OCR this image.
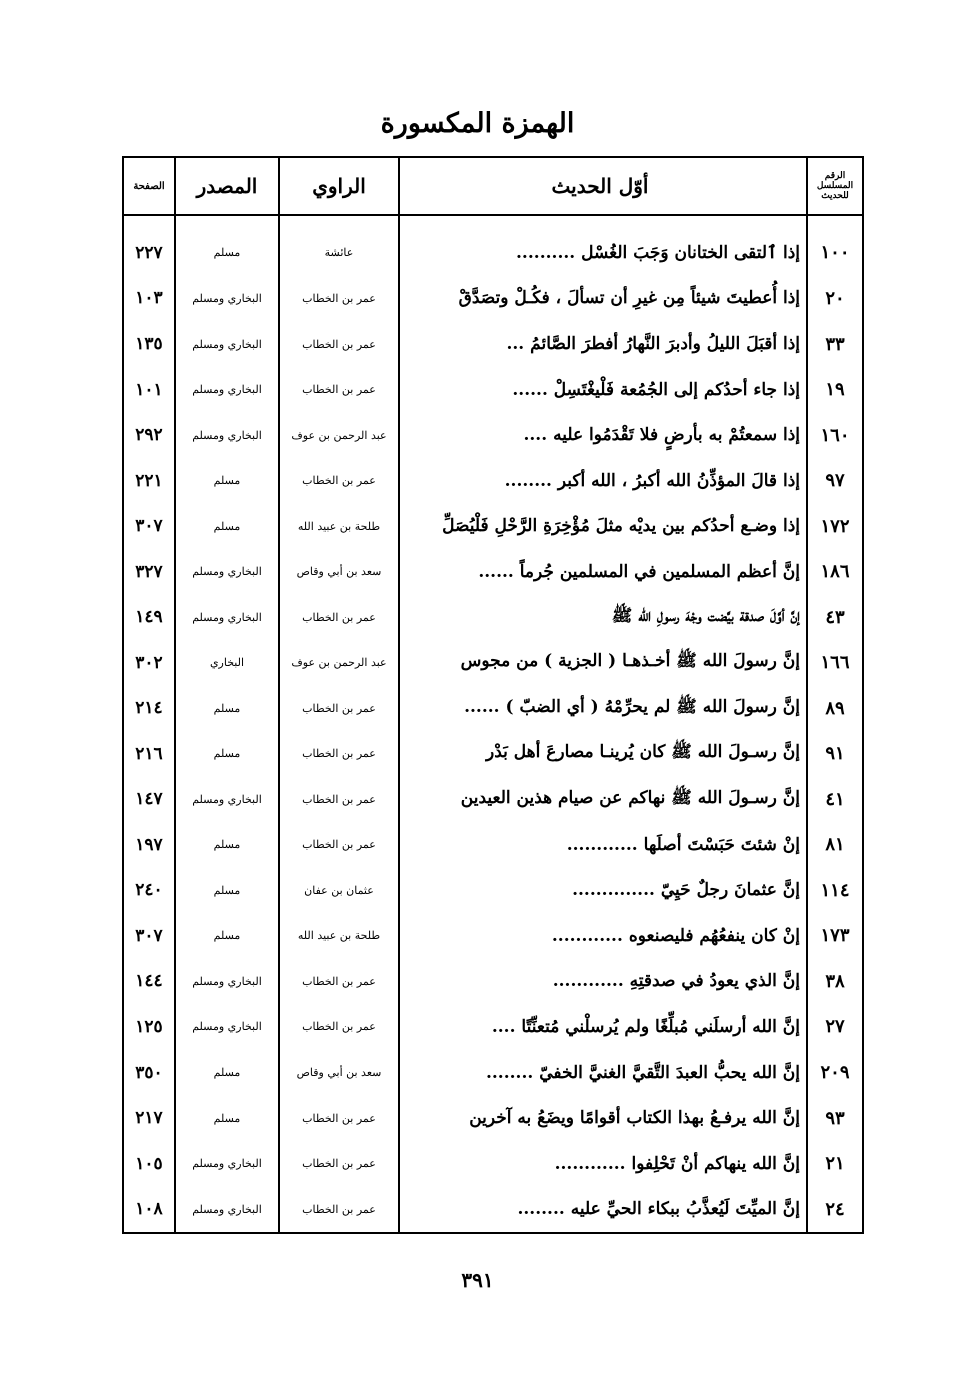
الهمزة المكسورة
الرقم المسلسل للحديث	أوّل الحديث	الراوي	المصدر	الصفحة
١٠٠	إذا ٱلتقى الختانان وَجَبَ الغُسْل ..........	عائشة	مسلم	٢٢٧
٢٠	إذا أُعطيتَ شيئاً مِن غيرِ أن تسألَ ، فكُـلْ وتصَدَّقْ	عمر بن الخطاب	البخاري ومسلم	١٠٣
٣٣	إذا أقبَلَ الليلُ وأدبرَ النَّهارُ أفطرَ الصَّائمُ ...	عمر بن الخطاب	البخاري ومسلم	١٣٥
١٩	إذا جاء أحدُكم إلى الجُمُعة فَلْيغْتَسِلْ ......	عمر بن الخطاب	البخاري ومسلم	١٠١
١٦٠	إذا سمعتُمْ به بأرضٍ فلا تَقْدَمُوا عليه ....	عبد الرحمن بن عوف	البخاري ومسلم	٢٩٢
٩٧	إذا قالَ المؤذِّنُ الله أكبرُ ، الله أكبر ........	عمر بن الخطاب	مسلم	٢٢١
١٧٢	إذا وضـع أحدُكم بين يديْه مثلَ مُؤْخِرَةِ الرَّحْلِ فَلْيُصَلِّ	طلحة بن عبيد الله	مسلم	٣٠٧
١٨٦	إنَّ أعظم المسلمين في المسلمين جُرماً ......	سعد بن أبي وقاص	البخاري ومسلم	٣٢٧
٤٣	إنَّ أوَّلَ صدقة بيَّضت وجْهَ رسولِ الله ﷺ	عمر بن الخطاب	البخاري ومسلم	١٤٩
١٦٦	إنَّ رسولَ الله ﷺ أخـذهـا ( الجزية ) من مجوس	عبد الرحمن بن عوف	البخاري	٣٠٢
٨٩	إنَّ رسولَ الله ﷺ لم يحرِّمْهُ ( أي الضبّ ) ......	عمر بن الخطاب	مسلم	٢١٤
٩١	إنَّ رسـولَ الله ﷺ كان يُرينـا مصارعَ أهل بَدْر	عمر بن الخطاب	مسلم	٢١٦
٤١	إنَّ رسـولَ الله ﷺ نهاكم عن صيام هذين العيدين	عمر بن الخطاب	البخاري ومسلم	١٤٧
٨١	إنْ شئتَ حَبَسْتَ أصلَها ............	عمر بن الخطاب	مسلم	١٩٧
١١٤	إنَّ عثمانَ رجلٌ حَيِيّ ..............	عثمان بن عفان	مسلم	٢٤٠
١٧٣	إنْ كان ينفعُهُم فليصنعوه ............	طلحة بن عبيد الله	مسلم	٣٠٧
٣٨	إنَّ الذي يعودُ في صدقتِهِ ............	عمر بن الخطاب	البخاري ومسلم	١٤٤
٢٧	إنَّ الله أرسلَني مُبلِّغًا ولم يُرسلْني مُتعنِّتًا ....	عمر بن الخطاب	البخاري ومسلم	١٢٥
٢٠٩	إنَّ الله يحبُّ العبدَ التَّقيَّ الغنيَّ الخفيّ ........	سعد بن أبي وقاص	مسلم	٣٥٠
٩٣	إنَّ الله يرفـعُ بهذا الكتاب أقوامًا ويضَعُ به آخرين	عمر بن الخطاب	مسلم	٢١٧
٢١	إنَّ الله ينهاكم أنْ تَحْلِفوا ............	عمر بن الخطاب	البخاري ومسلم	١٠٥
٢٤	إنَّ الميِّتَ لَيُعذَّبُ ببكاء الحيِّ عليه ........	عمر بن الخطاب	البخاري ومسلم	١٠٨
٣٩١
